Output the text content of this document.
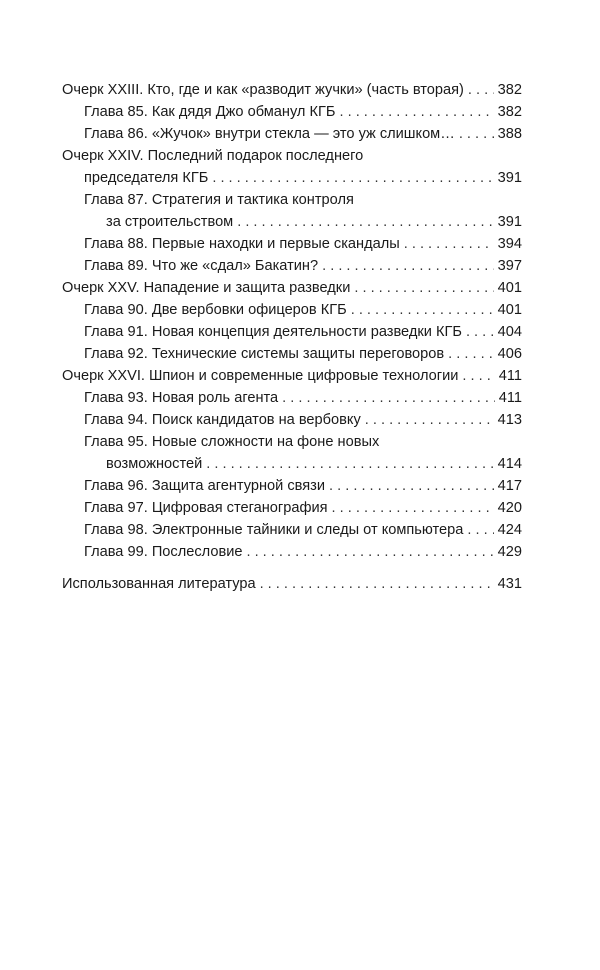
Очерк XXIII. Кто, где и как «разводит жучки» (часть вторая) . . . 382
Глава 85. Как дядя Джо обманул КГБ . . .	382
Глава 86. «Жучок» внутри стекла — это уж слишком… . . .	388
Очерк XXIV. Последний подарок последнего
председателя КГБ . . .	391
Глава 87. Стратегия и тактика контроля
за строительством . . .	391
Глава 88. Первые находки и первые скандалы . . .	394
Глава 89. Что же «сдал» Бакатин? . . .	397
Очерк XXV. Нападение и защита разведки . . .	401
Глава 90. Две вербовки офицеров КГБ . . .	401
Глава 91. Новая концепция деятельности разведки КГБ . . . 404
Глава 92. Технические системы защиты переговоров . . .	406
Очерк XXVI. Шпион и современные цифровые технологии . . .	411
Глава 93. Новая роль агента . . .	411
Глава 94. Поиск кандидатов на вербовку . . .	413
Глава 95. Новые сложности на фоне новых
возможностей . . .	414
Глава 96. Защита агентурной связи . . .	417
Глава 97. Цифровая стеганография . . .	420
Глава 98. Электронные тайники и следы от компьютера . . . 424
Глава 99. Послесловие . . .	429
Использованная литература . . .	431
